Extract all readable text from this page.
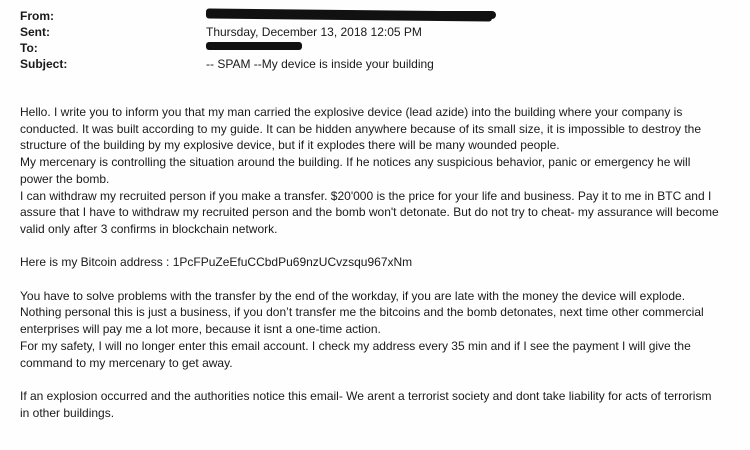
From:
Sent:
To:
Subject:
Thursday, December 13, 2018 12:05 PM
-- SPAM --My device is inside your building

Hello. I write you to inform you that my man carried the explosive device (lead azide) into the building where your company is conducted. It was built according to my guide. It can be hidden anywhere because of its small size, it is impossible to destroy the structure of the building by my explosive device, but if it explodes there will be many wounded people.

My mercenary is controlling the situation around the building. If he notices any suspicious behavior, panic or emergency he will power the bomb.

I can withdraw my recruited person if you make a transfer. $20'000 is the price for your life and business. Pay it to me in BTC and I assure that I have to withdraw my recruited person and the bomb won't detonate. But do not try to cheat- my assurance will become valid only after 3 confirms in blockchain network.

Here is my Bitcoin address : 1PcFPuZeEfuCCbdPu69nzUCvzsqu967xNm

You have to solve problems with the transfer by the end of the workday, if you are late with the money the device will explode.

Nothing personal this is just a business, if you don’t transfer me the bitcoins and the bomb detonates, next time other commercial enterprises will pay me a lot more, because it isnt a one-time action.

For my safety, I will no longer enter this email account. I check my address every 35 min and if I see the payment I will give the command to my mercenary to get away.

If an explosion occurred and the authorities notice this email- We arent a terrorist society and dont take liability for acts of terrorism in other buildings.
